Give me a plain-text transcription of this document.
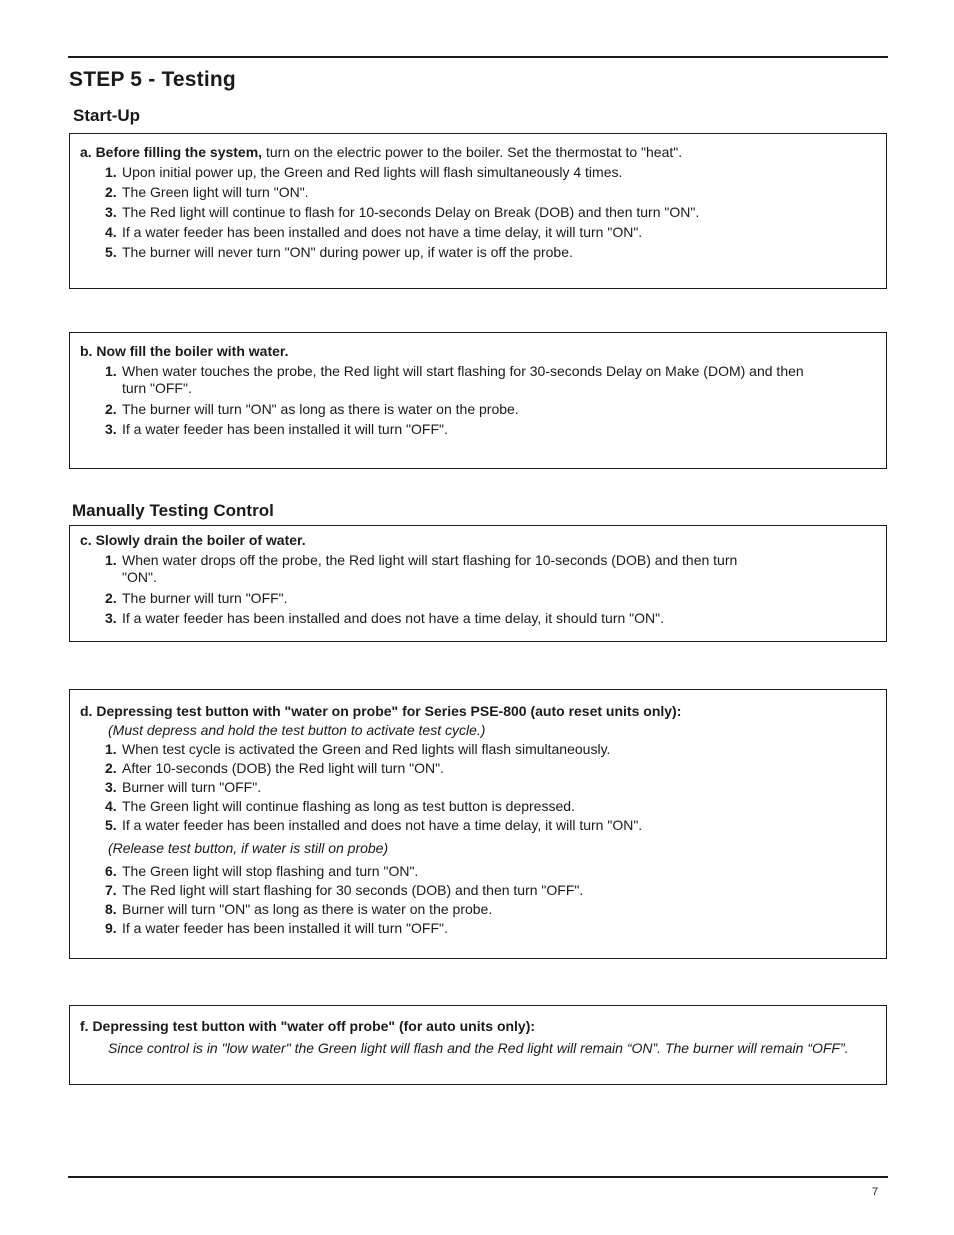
STEP 5 - Testing
Start-Up
a. Before filling the system, turn on the electric power to the boiler. Set the thermostat to "heat".
1. Upon initial power up, the Green and Red lights will flash simultaneously 4 times.
2. The Green light will turn "ON".
3. The Red light will continue to flash for 10-seconds Delay on Break (DOB) and then turn "ON".
4. If a water feeder has been installed and does not have a time delay, it will turn "ON".
5. The burner will never turn "ON" during power up, if water is off the probe.
b. Now fill the boiler with water.
1. When water touches the probe, the Red light will start flashing for 30-seconds Delay on Make (DOM) and then turn "OFF".
2. The burner will turn "ON" as long as there is water on the probe.
3. If a water feeder has been installed it will turn "OFF".
Manually Testing Control
c. Slowly drain the boiler of water.
1. When water drops off the probe, the Red light will start flashing for 10-seconds (DOB) and then turn "ON".
2. The burner will turn "OFF".
3. If a water feeder has been installed and does not have a time delay, it should turn "ON".
d. Depressing test button with "water on probe" for Series PSE-800 (auto reset units only):
(Must depress and hold the test button to activate test cycle.)
1. When test cycle is activated the Green and Red lights will flash simultaneously.
2. After 10-seconds (DOB) the Red light will turn "ON".
3. Burner will turn "OFF".
4. The Green light will continue flashing as long as test button is depressed.
5. If a water feeder has been installed and does not have a time delay, it will turn "ON".
(Release test button, if water is still on probe)
6. The Green light will stop flashing and turn "ON".
7. The Red light will start flashing for 30 seconds (DOB) and then turn "OFF".
8. Burner will turn "ON" as long as there is water on the probe.
9. If a water feeder has been installed it will turn "OFF".
f. Depressing test button with "water off probe" (for auto units only):
Since control is in "low water" the Green light will flash and the Red light will remain “ON”. The burner will remain “OFF”.
7
